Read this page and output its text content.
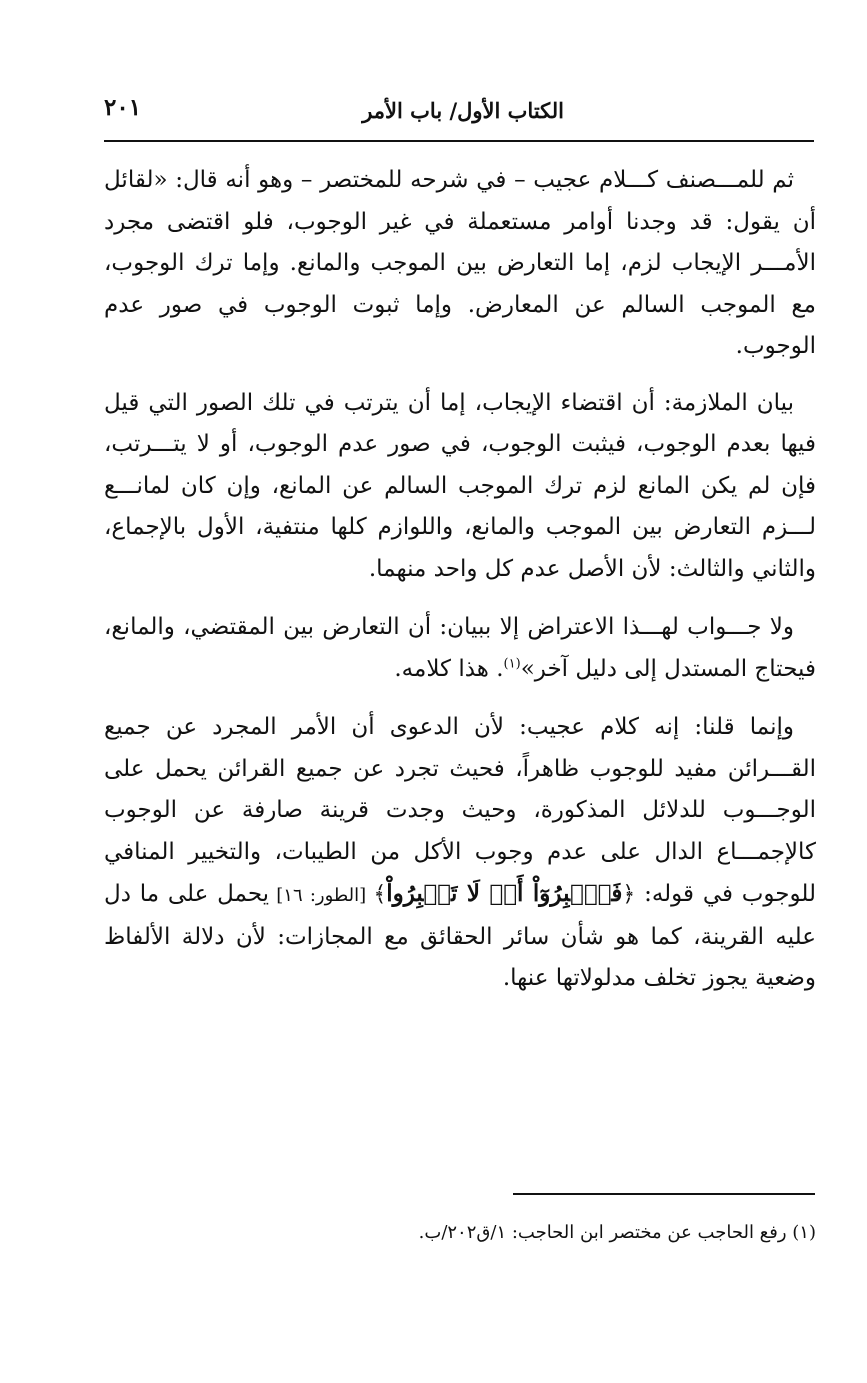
الكتاب الأول/ باب الأمر
٢٠١

ثم للمـــصنف كـــلام عجيب – في شرحه للمختصر – وهو أنه قال: «لقائل أن يقول: قد وجدنا أوامر مستعملة في غير الوجوب، فلو اقتضى مجرد الأمـــر الإيجاب لزم، إما التعارض بين الموجب والمانع. وإما ترك الوجوب، مع الموجب السالم عن المعارض. وإما ثبوت الوجوب في صور عدم الوجوب.

بيان الملازمة: أن اقتضاء الإيجاب، إما أن يترتب في تلك الصور التي قيل فيها بعدم الوجوب، فيثبت الوجوب، في صور عدم الوجوب، أو لا يتـــرتب، فإن لم يكن المانع لزم ترك الموجب السالم عن المانع، وإن كان لمانـــع لـــزم التعارض بين الموجب والمانع، واللوازم كلها منتفية، الأول بالإجماع، والثاني والثالث: لأن الأصل عدم كل واحد منهما.

ولا جـــواب لهـــذا الاعتراض إلا ببيان: أن التعارض بين المقتضي، والمانع، فيحتاج المستدل إلى دليل آخر»$^{(١)}$. هذا كلامه.

وإنما قلنا: إنه كلام عجيب: لأن الدعوى أن الأمر المجرد عن جميع القـــرائن مفيد للوجوب ظاهراً، فحيث تجرد عن جميع القرائن يحمل على الوجـــوب للدلائل المذكورة، وحيث وجدت قرينة صارفة عن الوجوب كالإجمـــاع الدال على عدم وجوب الأكل من الطيبات، والتخيير المنافي للوجوب في قوله: ﴿فَٱصۡبِرُوٓاْ أَوۡ لَا تَصۡبِرُواْ﴾ [الطور: ١٦] يحمل على ما دل عليه القرينة، كما هو شأن سائر الحقائق مع المجازات: لأن دلالة الألفاظ وضعية يجوز تخلف مدلولاتها عنها.

(١) رفع الحاجب عن مختصر ابن الحاجب: ١/ق٢٠٢/ب.
